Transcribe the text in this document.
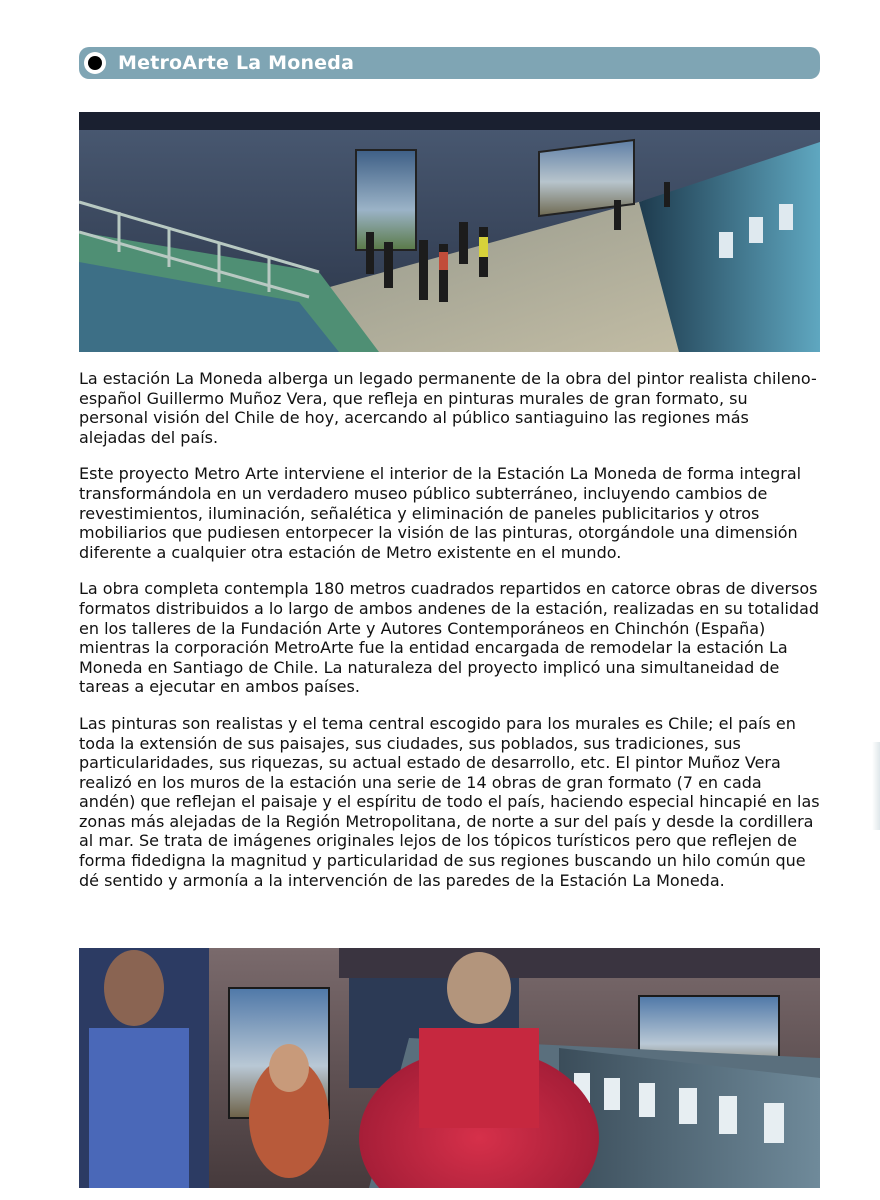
MetroArte La Moneda

La estación La Moneda alberga un legado permanente de la obra del pintor realista chileno-español Guillermo Muñoz Vera, que refleja en pinturas murales de gran formato, su personal visión del Chile de hoy, acercando al público santiaguino las regiones más alejadas del país.

Este proyecto Metro Arte interviene el interior de la Estación La Moneda de forma integral transformándola en un verdadero museo público subterráneo, incluyendo cambios de revestimientos, iluminación, señalética y eliminación de paneles publicitarios y otros mobiliarios que pudiesen entorpecer la visión de las pinturas, otorgándole una dimensión diferente a cualquier otra estación de Metro existente en el mundo.

La obra completa contempla 180 metros cuadrados repartidos en catorce obras de diversos formatos distribuidos a lo largo de ambos andenes de la estación, realizadas en su totalidad en los talleres de la Fundación Arte y Autores Contemporáneos en Chinchón (España) mientras la corporación MetroArte fue la entidad encargada de remodelar la estación La Moneda en Santiago de Chile. La naturaleza del proyecto implicó una simultaneidad de tareas a ejecutar en ambos países.

Las pinturas son realistas y el tema central escogido para los murales es Chile; el país en toda la extensión de sus paisajes, sus ciudades, sus poblados, sus tradiciones, sus particularidades, sus riquezas, su actual estado de desarrollo, etc. El pintor Muñoz Vera realizó en los muros de la estación una serie de 14 obras de gran formato (7 en cada andén) que reflejan el paisaje y el espíritu de todo el país, haciendo especial hincapié en las zonas más alejadas de la Región Metropolitana, de norte a sur del país y desde la cordillera al mar. Se trata de imágenes originales lejos de los tópicos turísticos pero que reflejen de forma fidedigna la magnitud y particularidad de sus regiones buscando un hilo común que dé sentido y armonía a la intervención de las paredes de la Estación La Moneda.
